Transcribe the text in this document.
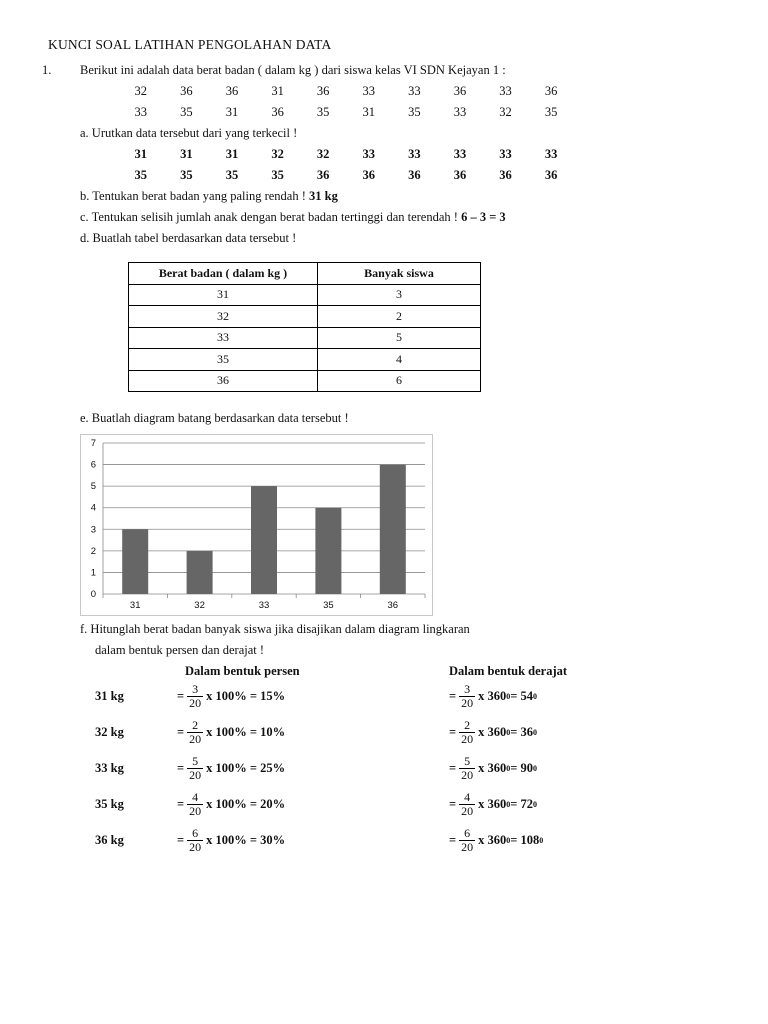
KUNCI SOAL LATIHAN PENGOLAHAN DATA
1. Berikut ini adalah data berat badan ( dalam kg ) dari siswa kelas VI SDN Kejayan 1 :
32	36	36	31	36	33	33	36	33	36
33	35	31	36	35	31	35	33	32	35
a. Urutkan data tersebut dari yang terkecil !
31	31	31	32	32	33	33	33	33	33
35	35	35	35	36	36	36	36	36	36
b. Tentukan berat badan yang paling rendah ! 31 kg
c. Tentukan selisih jumlah anak dengan berat badan tertinggi dan terendah ! 6 – 3 = 3
d. Buatlah tabel berdasarkan data tersebut !
Berat badan ( dalam kg )	Banyak siswa
31	3
32	2
33	5
35	4
36	6
e. Buatlah diagram batang berdasarkan data tersebut !
0
1
2
3
4
5
6
7
31	32	33	35	36
f. Hitunglah berat badan banyak siswa jika disajikan dalam diagram lingkaran
dalam bentuk persen dan derajat !
Dalam bentuk persen	Dalam bentuk derajat
31 kg	= $\frac{3}{20}$ x 100% = 15%	= $\frac{3}{20}$ x 360 0 = 54 0
32 kg	= $\frac{2}{20}$ x 100% = 10%	= $\frac{2}{20}$ x 360 0 = 36 0
33 kg	= $\frac{5}{20}$ x 100% = 25%	= $\frac{5}{20}$ x 360 0 = 90 0
35 kg	= $\frac{4}{20}$ x 100% = 20%	= $\frac{4}{20}$ x 360 0 = 72 0
36 kg	= $\frac{6}{20}$ x 100% = 30%	= $\frac{6}{20}$ x 360 0 = 108 0
